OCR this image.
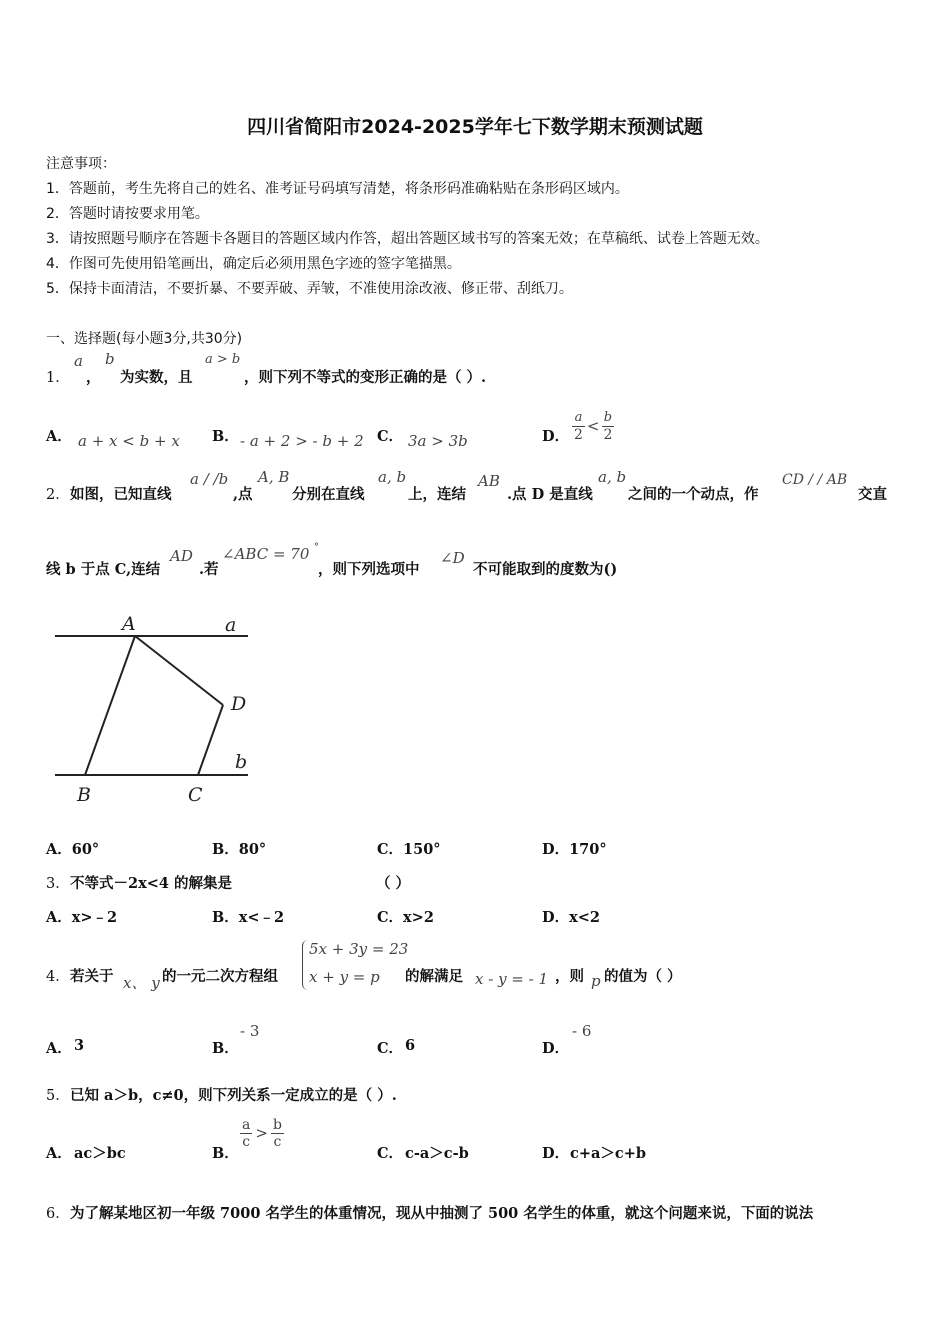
四川省简阳市2024-2025学年七下数学期末预测试题
注意事项：
1．答题前，考生先将自己的姓名、准考证号码填写清楚，将条形码准确粘贴在条形码区域内。
2．答题时请按要求用笔。
3．请按照题号顺序在答题卡各题目的答题区域内作答，超出答题区域书写的答案无效；在草稿纸、试卷上答题无效。
4．作图可先使用铅笔画出，确定后必须用黑色字迹的签字笔描黑。
5．保持卡面清洁，不要折暴、不要弄破、弄皱，不准使用涂改液、修正带、刮纸刀。
一、选择题(每小题3分,共30分)
1．
a
，
b
为实数，且
a > b
，则下列不等式的变形正确的是（ ）.
A． a + x < b + x B． - a + 2 > - b + 2 C． 3a > 3b	D． $\frac{a}{2} < \frac{b}{2}$
2． 如图，已知直线
a / /b
,点
A, B
分别在直线
a, b
上，连结
AB
.点 D 是直线
a, b
之间的一个动点，作
CD / / AB
交直
线 b 于点 C,连结
AD
.若
∠ABC = 70 °
，则下列选项中
∠D
不可能取到的度数为()
A	a
D
b
B	C
A．60°	B．80°	C．150°	D．170°
3． 不等式－2x<4 的解集是	（ ）
A．x>﹣2	B．x<﹣2	C．x>2	D．x<2
4． 若关于 x、 y 的一元二次方程组
5x + 3y = 23
x + y = p 的解满足 x - y = - 1 ，则 p 的值为（ ）
A． 3	B．
- 3
C． 6	D．
- 6
5． 已知 a＞b，c≠0，则下列关系一定成立的是（ ）.
A． ac＞bc	B．
$\frac{a}{c} > \frac{b}{c}$
C． c-a＞c-b	D． c+a＞c+b
6． 为了解某地区初一年级 7000 名学生的体重情况，现从中抽测了 500 名学生的体重，就这个问题来说，下面的说法
